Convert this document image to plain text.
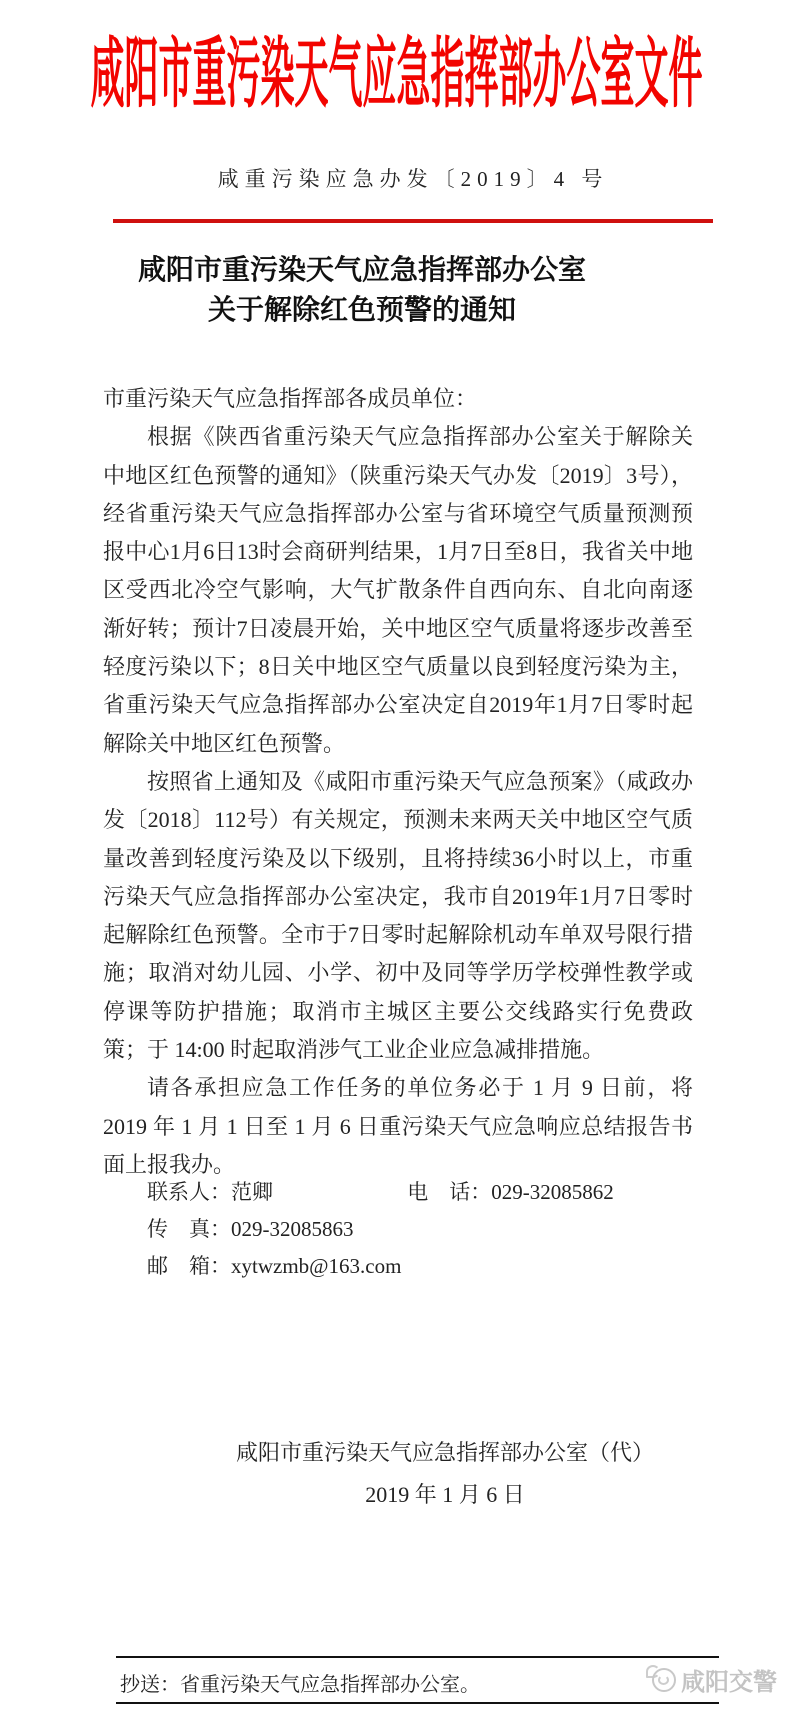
咸阳市重污染天气应急指挥部办公室文件
咸重污染应急办发〔2019〕4 号
咸阳市重污染天气应急指挥部办公室
关于解除红色预警的通知

市重污染天气应急指挥部各成员单位：

根据《陕西省重污染天气应急指挥部办公室关于解除关中地区红色预警的通知》（陕重污染天气办发〔2019〕3号），经省重污染天气应急指挥部办公室与省环境空气质量预测预报中心1月6日13时会商研判结果，1月7日至8日，我省关中地区受西北冷空气影响，大气扩散条件自西向东、自北向南逐渐好转；预计7日凌晨开始，关中地区空气质量将逐步改善至轻度污染以下；8日关中地区空气质量以良到轻度污染为主，省重污染天气应急指挥部办公室决定自2019年1月7日零时起解除关中地区红色预警。

按照省上通知及《咸阳市重污染天气应急预案》（咸政办发〔2018〕112号）有关规定，预测未来两天关中地区空气质量改善到轻度污染及以下级别，且将持续36小时以上，市重污染天气应急指挥部办公室决定，我市自2019年1月7日零时起解除红色预警。全市于7日零时起解除机动车单双号限行措施；取消对幼儿园、小学、初中及同等学历学校弹性教学或停课等防护措施；取消市主城区主要公交线路实行免费政策；于 14:00 时起取消涉气工业企业应急减排措施。

请各承担应急工作任务的单位务必于 1 月 9 日前，将 2019 年 1 月 1 日至 1 月 6 日重污染天气应急响应总结报告书面上报我办。

联系人：范卿	电　话：029-32085862
传　真：029-32085863
邮　箱：xytwzmb@163.com
咸阳市重污染天气应急指挥部办公室（代）
2019 年 1 月 6 日
抄送：省重污染天气应急指挥部办公室。	咸阳交警
